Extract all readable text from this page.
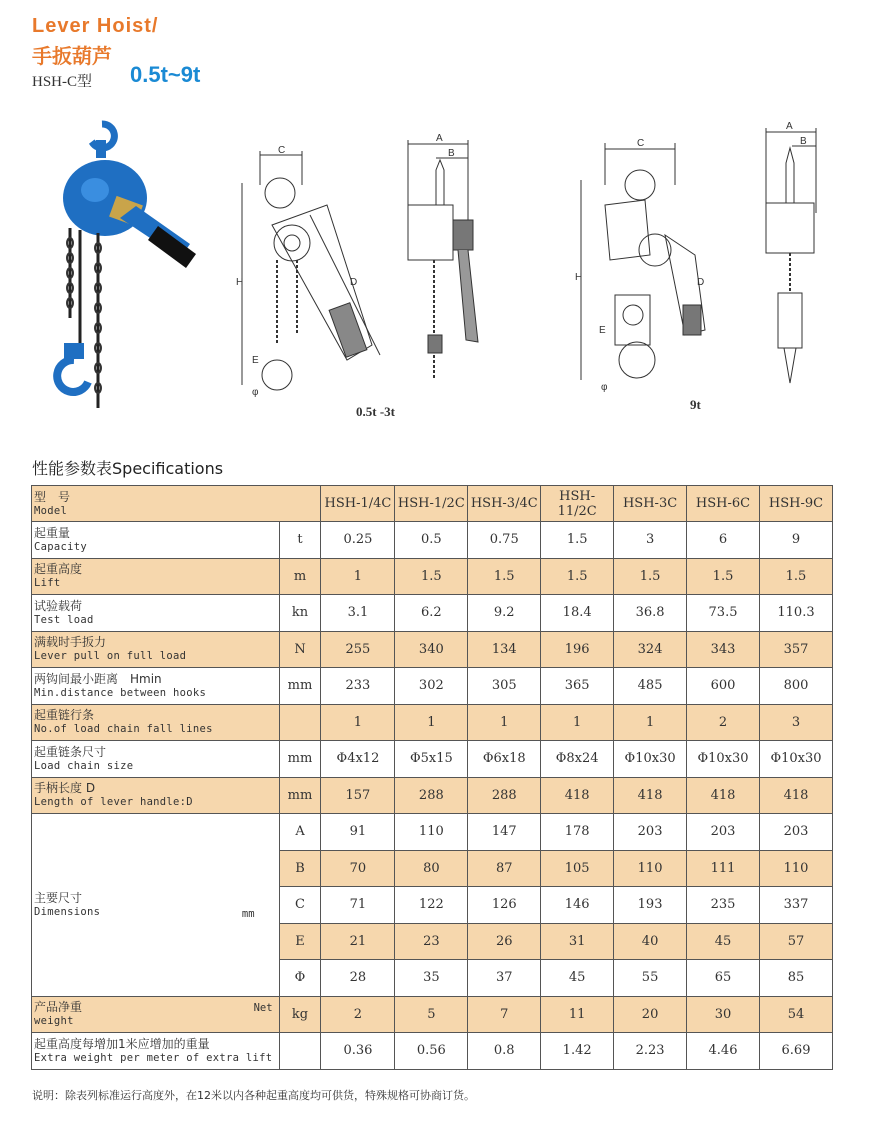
Lever Hoist/
手扳葫芦
HSH-C型 0.5t~9t
C
H	D
E
φ
A
B
0.5t -3t
C
H	D
E
φ
A
B
9t
性能参数表Specifications
型　号
Model		HSH-1/4C	HSH-1/2C	HSH-3/4C	HSH-11/2C	HSH-3C	HSH-6C	HSH-9C

起重量
Capacity	t	0.25	0.5	0.75	1.5	3	6	9

起重高度
Lift	m	1	1.5	1.5	1.5	1.5	1.5	1.5

试验载荷
Test load	kn	3.1	6.2	9.2	18.4	36.8	73.5	110.3

满载时手扳力
Lever pull on full load	N	255	340	134	196	324	343	357

两钩间最小距离　Hmin
Min.distance between hooks	mm	233	302	305	365	485	600	800

起重链行条
No.of load chain fall lines		1	1	1	1	1	2	3

起重链条尺寸
Load chain size	mm	Φ4x12	Φ5x15	Φ6x18	Φ8x24	Φ10x30	Φ10x30	Φ10x30

手柄长度 D
Length of lever handle:D	mm	157	288	288	418	418	418	418

主要尺寸
Dimensions mm	A	91	110	147	178	203	203	203
	B	70	80	87	105	110	111	110
	C	71	122	126	146	193	235	337
	E	21	23	26	31	40	45	57
	Φ	28	35	37	45	55	65	85

产品净重
weight
Net	kg	2	5	7	11	20	30	54

起重高度每增加1米应增加的重量
Extra weight per meter of extra lift		0.36	0.56	0.8	1.42	2.23	4.46	6.69
说明：除表列标准运行高度外，在12米以内各种起重高度均可供货，特殊规格可协商订货。
